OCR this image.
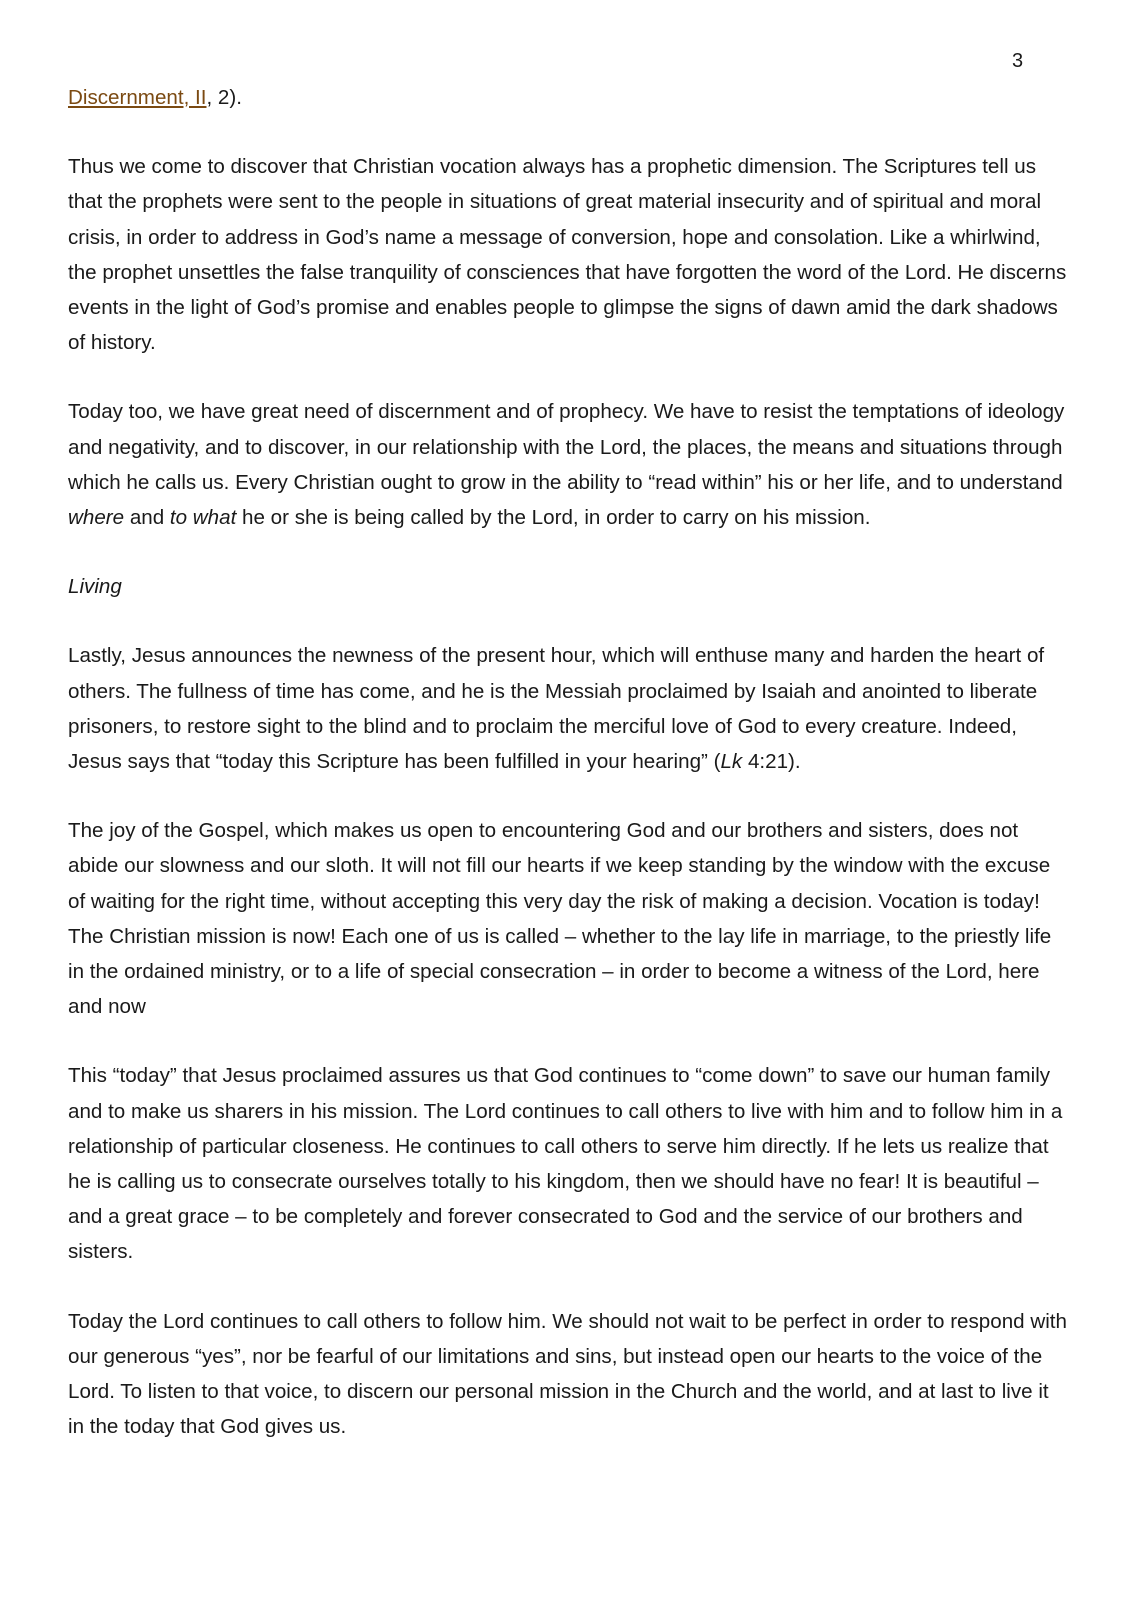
3

Discernment, II, 2).

Thus we come to discover that Christian vocation always has a prophetic dimension. The Scriptures tell us that the prophets were sent to the people in situations of great material insecurity and of spiritual and moral crisis, in order to address in God’s name a message of conversion, hope and consolation. Like a whirlwind, the prophet unsettles the false tranquility of consciences that have forgotten the word of the Lord. He discerns events in the light of God’s promise and enables people to glimpse the signs of dawn amid the dark shadows of history.

Today too, we have great need of discernment and of prophecy. We have to resist the temptations of ideology and negativity, and to discover, in our relationship with the Lord, the places, the means and situations through which he calls us. Every Christian ought to grow in the ability to “read within” his or her life, and to understand where and to what he or she is being called by the Lord, in order to carry on his mission.

Living

Lastly, Jesus announces the newness of the present hour, which will enthuse many and harden the heart of others. The fullness of time has come, and he is the Messiah proclaimed by Isaiah and anointed to liberate prisoners, to restore sight to the blind and to proclaim the merciful love of God to every creature. Indeed, Jesus says that “today this Scripture has been fulfilled in your hearing” (Lk 4:21).

The joy of the Gospel, which makes us open to encountering God and our brothers and sisters, does not abide our slowness and our sloth. It will not fill our hearts if we keep standing by the window with the excuse of waiting for the right time, without accepting this very day the risk of making a decision. Vocation is today! The Christian mission is now! Each one of us is called – whether to the lay life in marriage, to the priestly life in the ordained ministry, or to a life of special consecration – in order to become a witness of the Lord, here and now

This “today” that Jesus proclaimed assures us that God continues to “come down” to save our human family and to make us sharers in his mission. The Lord continues to call others to live with him and to follow him in a relationship of particular closeness. He continues to call others to serve him directly. If he lets us realize that he is calling us to consecrate ourselves totally to his kingdom, then we should have no fear! It is beautiful – and a great grace – to be completely and forever consecrated to God and the service of our brothers and sisters.

Today the Lord continues to call others to follow him. We should not wait to be perfect in order to respond with our generous “yes”, nor be fearful of our limitations and sins, but instead open our hearts to the voice of the Lord. To listen to that voice, to discern our personal mission in the Church and the world, and at last to live it in the today that God gives us.
